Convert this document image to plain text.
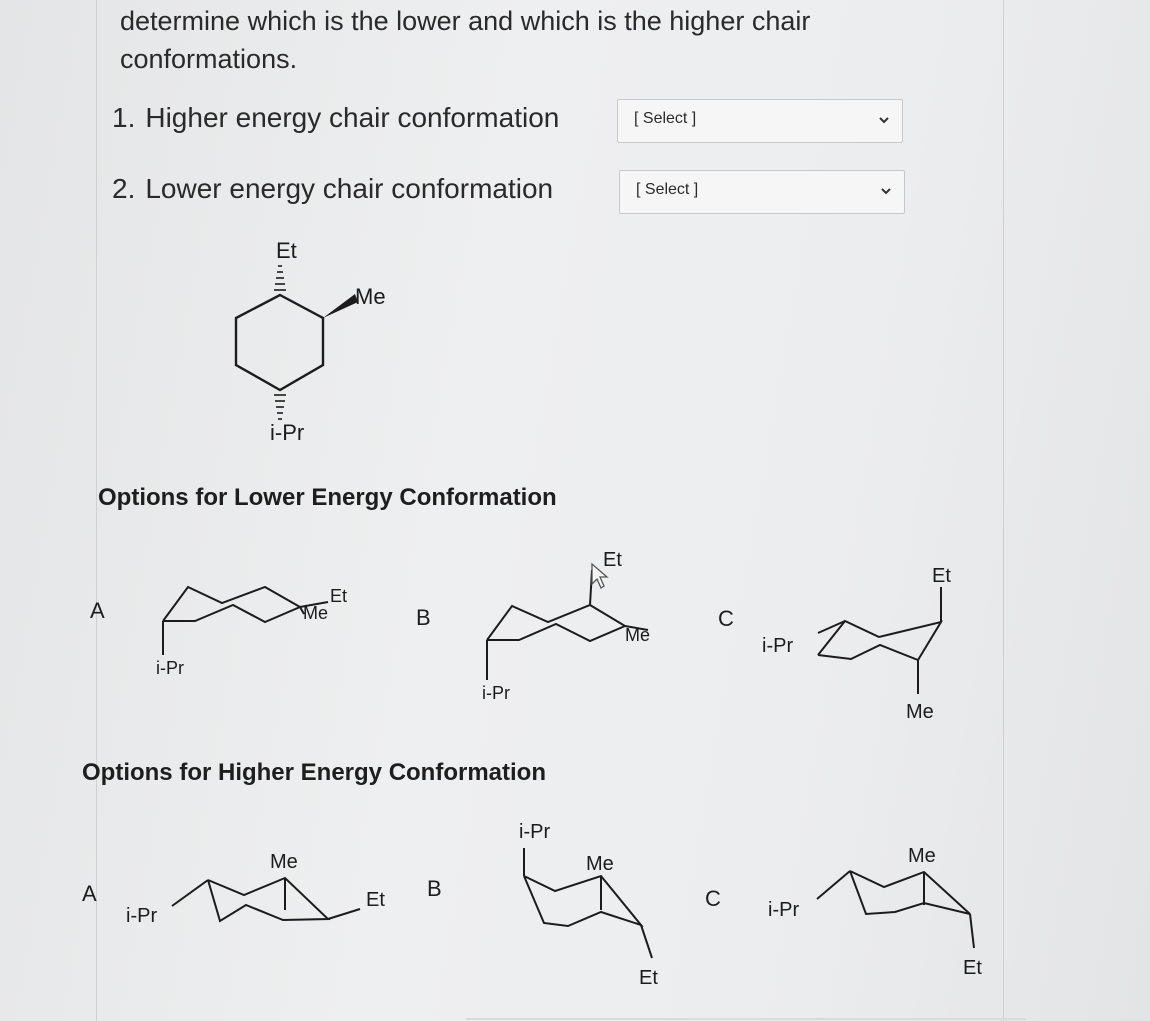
determine which is the lower and which is the higher chair conformations.
1. Higher energy chair conformation	[ Select ]
2. Lower energy chair conformation	[ Select ]
Options for Lower Energy Conformation
Options for Higher Energy Conformation
A	B	C
A	B	C
Et
Me
i-Pr
Et
Me
i-Pr
Et
Me
i-Pr
Et
i-Pr
Me
Me
i-Pr
Et
i-Pr
Me
Et
Me
i-Pr
Et
